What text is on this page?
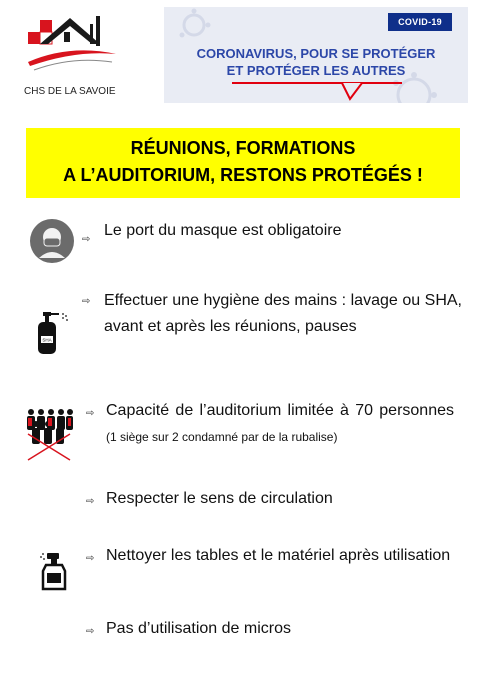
CHS DE LA SAVOIE
COVID-19
CORONAVIRUS, POUR SE PROTÉGER
ET PROTÉGER LES AUTRES
RÉUNIONS, FORMATIONS
A L’AUDITORIUM, RESTONS PROTÉGÉS !
⇨
Le port du masque est obligatoire
SHA
⇨ Effectuer une hygiène des mains : lavage ou SHA, avant et après les réunions, pauses
⇨ Capacité de l’auditorium limitée à 70 personnes (1 siège sur 2 condamné par de la rubalise)
⇨ Respecter le sens de circulation
⇨ Nettoyer les tables et le matériel après utilisation
⇨ Pas d’utilisation de micros
